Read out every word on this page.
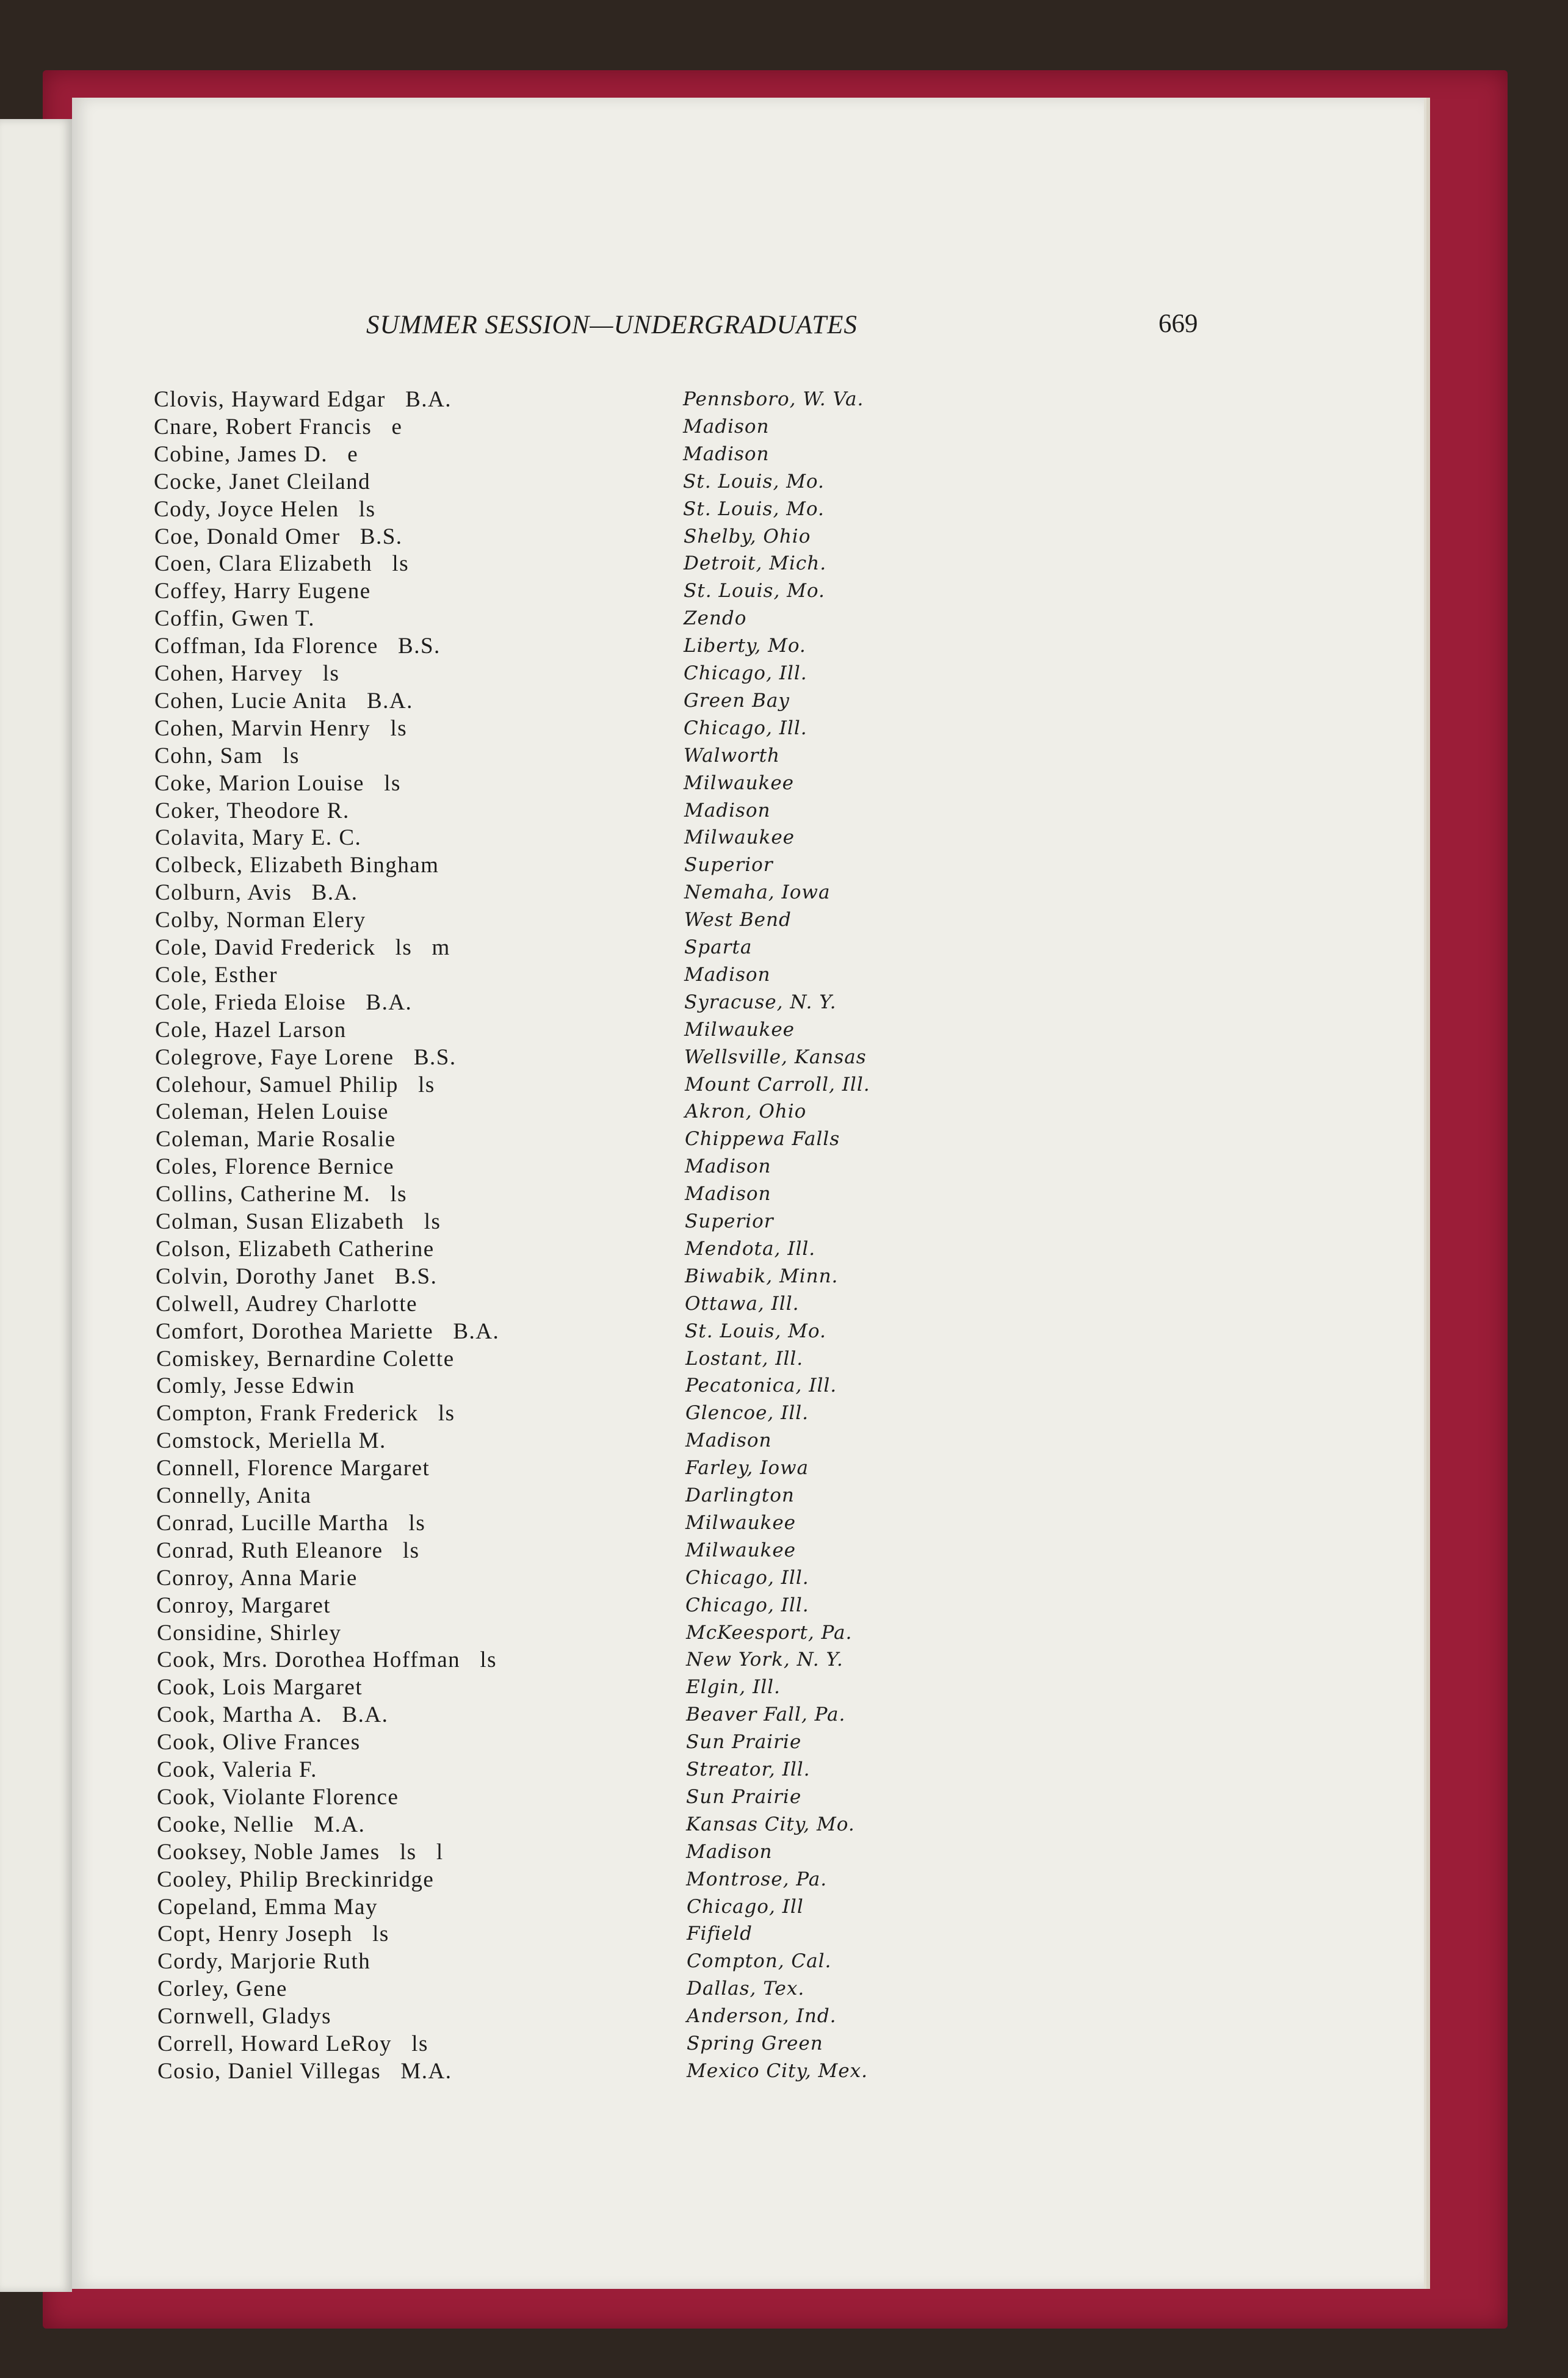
SUMMER SESSION—UNDERGRADUATES	669
Clovis, Hayward Edgar   B.A.	Pennsboro, W. Va.
Cnare, Robert Francis   e	Madison
Cobine, James D.   e	Madison
Cocke, Janet Cleiland	St. Louis, Mo.
Cody, Joyce Helen   ls	St. Louis, Mo.
Coe, Donald Omer   B.S.	Shelby, Ohio
Coen, Clara Elizabeth   ls	Detroit, Mich.
Coffey, Harry Eugene	St. Louis, Mo.
Coffin, Gwen T.	Zendo
Coffman, Ida Florence   B.S.	Liberty, Mo.
Cohen, Harvey   ls	Chicago, Ill.
Cohen, Lucie Anita   B.A.	Green Bay
Cohen, Marvin Henry   ls	Chicago, Ill.
Cohn, Sam   ls	Walworth
Coke, Marion Louise   ls	Milwaukee
Coker, Theodore R.	Madison
Colavita, Mary E. C.	Milwaukee
Colbeck, Elizabeth Bingham	Superior
Colburn, Avis   B.A.	Nemaha, Iowa
Colby, Norman Elery	West Bend
Cole, David Frederick   ls   m	Sparta
Cole, Esther	Madison
Cole, Frieda Eloise   B.A.	Syracuse, N. Y.
Cole, Hazel Larson	Milwaukee
Colegrove, Faye Lorene   B.S.	Wellsville, Kansas
Colehour, Samuel Philip   ls	Mount Carroll, Ill.
Coleman, Helen Louise	Akron, Ohio
Coleman, Marie Rosalie	Chippewa Falls
Coles, Florence Bernice	Madison
Collins, Catherine M.   ls	Madison
Colman, Susan Elizabeth   ls	Superior
Colson, Elizabeth Catherine	Mendota, Ill.
Colvin, Dorothy Janet   B.S.	Biwabik, Minn.
Colwell, Audrey Charlotte	Ottawa, Ill.
Comfort, Dorothea Mariette   B.A.	St. Louis, Mo.
Comiskey, Bernardine Colette	Lostant, Ill.
Comly, Jesse Edwin	Pecatonica, Ill.
Compton, Frank Frederick   ls	Glencoe, Ill.
Comstock, Meriella M.	Madison
Connell, Florence Margaret	Farley, Iowa
Connelly, Anita	Darlington
Conrad, Lucille Martha   ls	Milwaukee
Conrad, Ruth Eleanore   ls	Milwaukee
Conroy, Anna Marie	Chicago, Ill.
Conroy, Margaret	Chicago, Ill.
Considine, Shirley	McKeesport, Pa.
Cook, Mrs. Dorothea Hoffman   ls	New York, N. Y.
Cook, Lois Margaret	Elgin, Ill.
Cook, Martha A.   B.A.	Beaver Fall, Pa.
Cook, Olive Frances	Sun Prairie
Cook, Valeria F.	Streator, Ill.
Cook, Violante Florence	Sun Prairie
Cooke, Nellie   M.A.	Kansas City, Mo.
Cooksey, Noble James   ls   l	Madison
Cooley, Philip Breckinridge	Montrose, Pa.
Copeland, Emma May	Chicago, Ill
Copt, Henry Joseph   ls	Fifield
Cordy, Marjorie Ruth	Compton, Cal.
Corley, Gene	Dallas, Tex.
Cornwell, Gladys	Anderson, Ind.
Correll, Howard LeRoy   ls	Spring Green
Cosio, Daniel Villegas   M.A.	Mexico City, Mex.
